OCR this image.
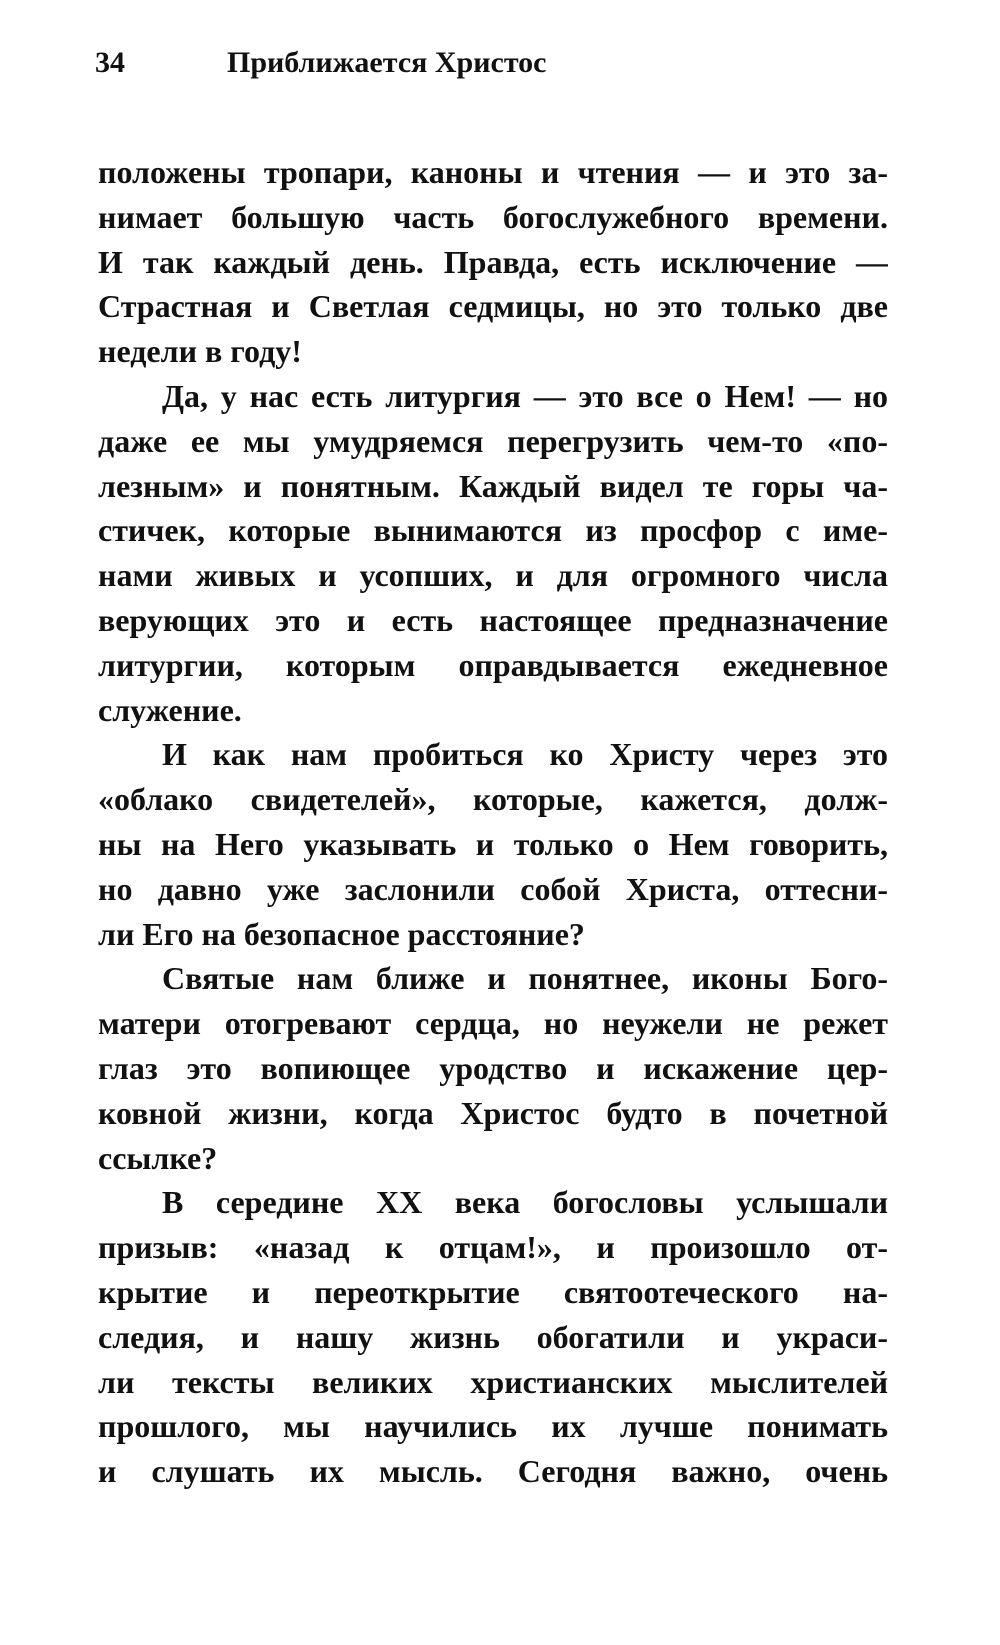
34	Приближается Христос
положены тропари, каноны и чтения — и это за-
нимает большую часть богослужебного времени.
И так каждый день. Правда, есть исключение —
Страстная и Светлая седмицы, но это только две
недели в году!
Да, у нас есть литургия — это все о Нем! — но
даже ее мы умудряемся перегрузить чем-то «по-
лезным» и понятным. Каждый видел те горы ча-
стичек, которые вынимаются из просфор с име-
нами живых и усопших, и для огромного числа
верующих это и есть настоящее предназначение
литургии, которым оправдывается ежедневное
служение.
И как нам пробиться ко Христу через это
«облако свидетелей», которые, кажется, долж-
ны на Него указывать и только о Нем говорить,
но давно уже заслонили собой Христа, оттесни-
ли Его на безопасное расстояние?
Святые нам ближе и понятнее, иконы Бого-
матери отогревают сердца, но неужели не режет
глаз это вопиющее уродство и искажение цер-
ковной жизни, когда Христос будто в почетной
ссылке?
В середине XX века богословы услышали
призыв: «назад к отцам!», и произошло от-
крытие и переоткрытие святоотеческого на-
следия, и нашу жизнь обогатили и украси-
ли тексты великих христианских мыслителей
прошлого, мы научились их лучше понимать
и слушать их мысль. Сегодня важно, очень
